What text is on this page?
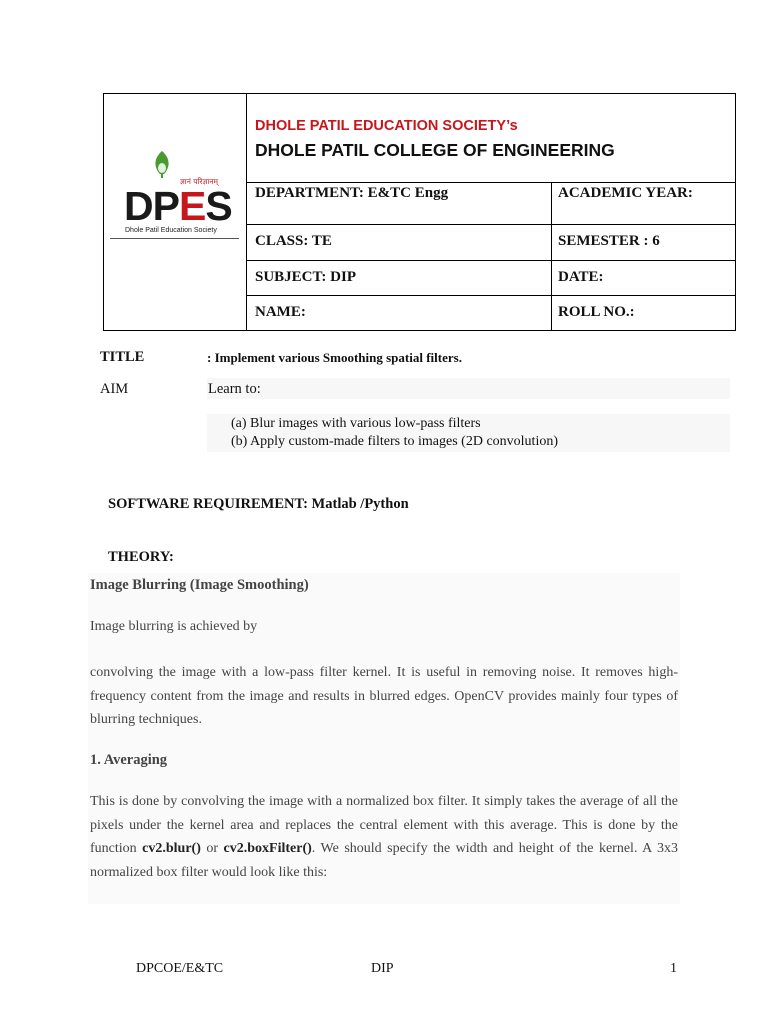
ज्ञानं परिज्ञानम्
DPES
Dhole Patil Education Society
DHOLE PATIL EDUCATION SOCIETY’s
DHOLE PATIL COLLEGE OF ENGINEERING
DEPARTMENT: E&TC Engg	ACADEMIC YEAR:
CLASS: TE	SEMESTER : 6
SUBJECT: DIP	DATE:
NAME:	ROLL NO.:
TITLE	: Implement various Smoothing spatial filters.
AIM	Learn to:
(a) Blur images with various low-pass filters
(b) Apply custom-made filters to images (2D convolution)
SOFTWARE REQUIREMENT: Matlab /Python
THEORY:
Image Blurring (Image Smoothing)
Image blurring is achieved by
convolving the image with a low-pass filter kernel. It is useful in removing noise. It removes high-frequency content from the image and results in blurred edges. OpenCV provides mainly four types of blurring techniques.
1. Averaging
This is done by convolving the image with a normalized box filter. It simply takes the average of all the pixels under the kernel area and replaces the central element with this average. This is done by the function cv2.blur() or cv2.boxFilter(). We should specify the width and height of the kernel. A 3x3 normalized box filter would look like this:
DPCOE/E&TC	DIP	1
